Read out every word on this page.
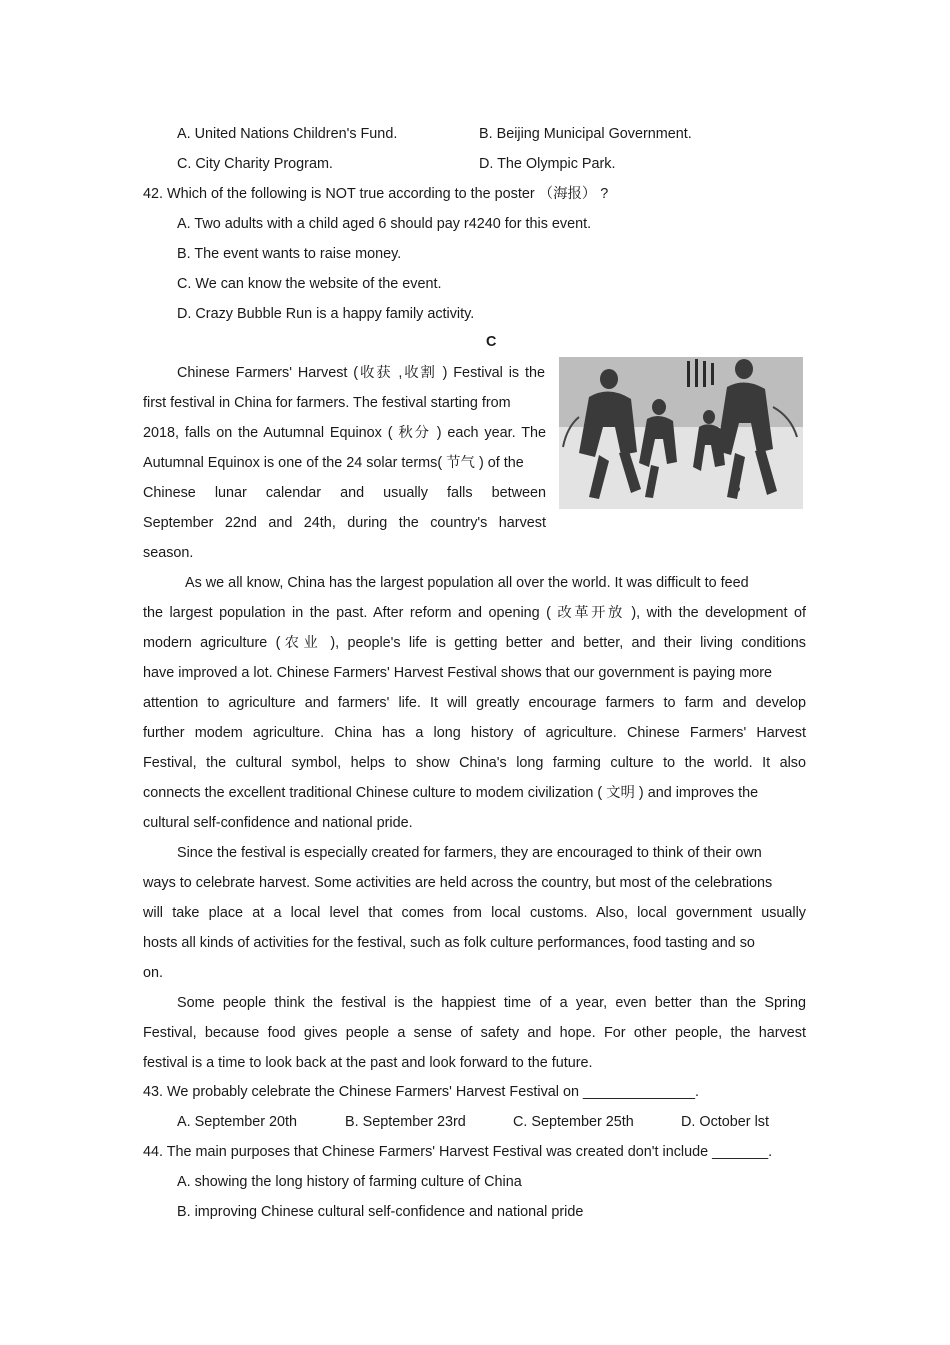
A. United Nations Children's Fund.	B. Beijing Municipal Government.
C. City Charity Program.	D. The Olympic Park.
42. Which of the following is NOT true according to the poster （海报） ?
A. Two adults with a child aged 6 should pay r4240 for this event.
B. The event wants to raise money.
C. We can know the website of the event.
D. Crazy Bubble Run is a happy family activity.
C
Chinese Farmers' Harvest (收获 ,收割 ) Festival is the
first festival in China for farmers. The festival starting from
2018, falls on the Autumnal Equinox ( 秋分 ) each year. The
Autumnal Equinox is one of the 24 solar terms( 节气 ) of the
Chinese lunar calendar and usually falls between
September 22nd and 24th, during the country's harvest
season.
As we all know, China has the largest population all over the world. It was difficult to feed
the largest population in the past. After reform and opening ( 改革开放 ), with the development of
modern agriculture (农业 ), people's life is getting better and better, and their living conditions
have improved a lot. Chinese Farmers' Harvest Festival shows that our government is paying more
attention to agriculture and farmers' life. It will greatly encourage farmers to farm and develop
further modem agriculture. China has a long history of agriculture. Chinese Farmers' Harvest
Festival, the cultural symbol, helps to show China's long farming culture to the world. It also
connects the excellent traditional Chinese culture to modem civilization ( 文明 ) and improves the
cultural self-confidence and national pride.
Since the festival is especially created for farmers, they are encouraged to think of their own
ways to celebrate harvest. Some activities are held across the country, but most of the celebrations
will take place at a local level that comes from local customs. Also, local government usually
hosts all kinds of activities for the festival, such as folk culture performances, food tasting and so
on.
Some people think the festival is the happiest time of a year, even better than the Spring
Festival, because food gives people a sense of safety and hope. For other people, the harvest
festival is a time to look back at the past and look forward to the future.
43. We probably celebrate the Chinese Farmers' Harvest Festival on ______________.
A. September 20th	B. September 23rd	C. September 25th	D. October lst
44. The main purposes that Chinese Farmers' Harvest Festival was created don't include _______.
A. showing the long history of farming culture of China
B. improving Chinese cultural self-confidence and national pride
